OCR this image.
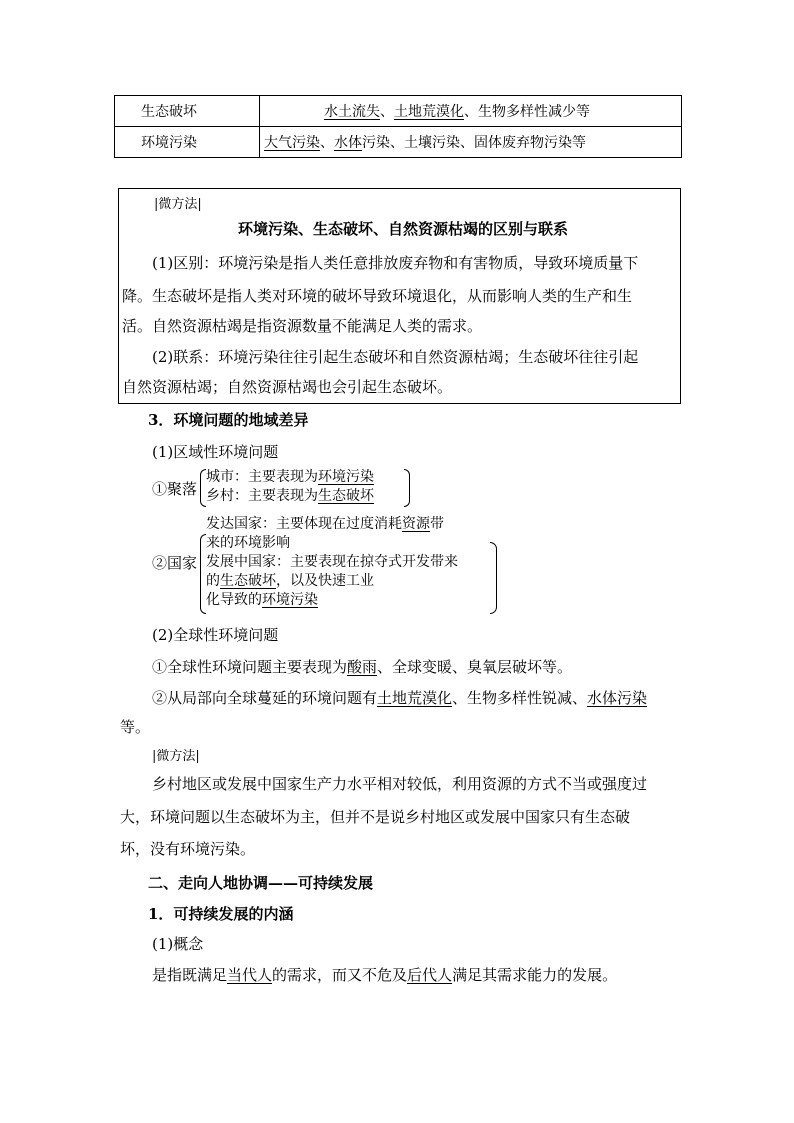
生态破坏	水土流失、土地荒漠化、生物多样性减少等
环境污染	大气污染、水体污染、土壤污染、固体废弃物污染等
|微方法|
环境污染、生态破坏、自然资源枯竭的区别与联系
(1)区别：环境污染是指人类任意排放废弃物和有害物质，导致环境质量下
降。生态破坏是指人类对环境的破坏导致环境退化，从而影响人类的生产和生
活。自然资源枯竭是指资源数量不能满足人类的需求。
(2)联系：环境污染往往引起生态破坏和自然资源枯竭；生态破坏往往引起
自然资源枯竭；自然资源枯竭也会引起生态破坏。
3．环境问题的地域差异
(1)区域性环境问题
①聚落
城市：主要表现为环境污染
乡村：主要表现为生态破坏
②国家
发达国家：主要体现在过度消耗资源带
来的环境影响
发展中国家：主要表现在掠夺式开发带来
的生态破坏，以及快速工业
化导致的环境污染
(2)全球性环境问题
①全球性环境问题主要表现为酸雨、全球变暖、臭氧层破坏等。
②从局部向全球蔓延的环境问题有土地荒漠化、生物多样性锐减、水体污染
等。
|微方法|
乡村地区或发展中国家生产力水平相对较低，利用资源的方式不当或强度过
大，环境问题以生态破坏为主，但并不是说乡村地区或发展中国家只有生态破
坏，没有环境污染。
二、走向人地协调——可持续发展
1．可持续发展的内涵
(1)概念
是指既满足当代人的需求，而又不危及后代人满足其需求能力的发展。
